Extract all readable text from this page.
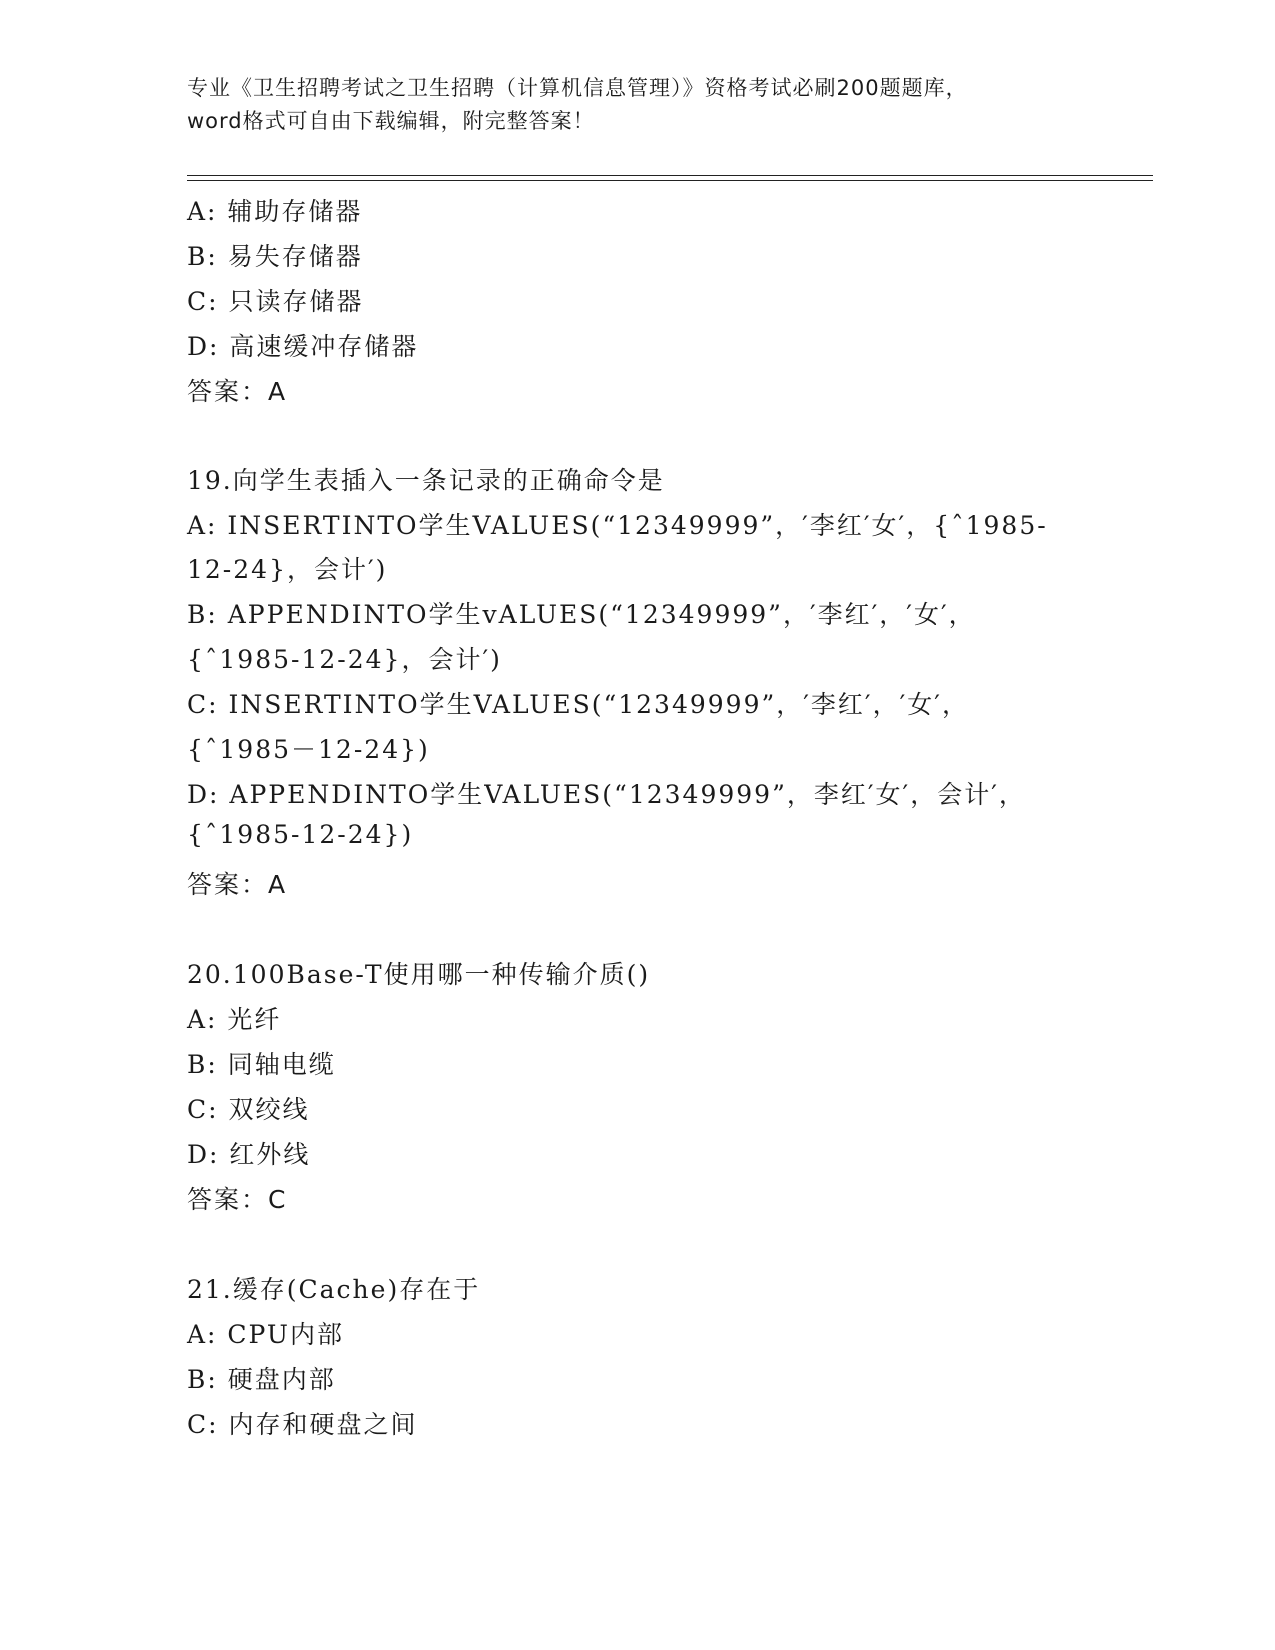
专业《卫生招聘考试之卫生招聘（计算机信息管理）》资格考试必刷200题题库，
word格式可自由下载编辑，附完整答案！
A: 辅助存储器
B: 易失存储器
C: 只读存储器
D: 高速缓冲存储器
答案：A
19.向学生表插入一条记录的正确命令是
A: INSERTINTO学生VALUES(“12349999”，′李红′女′，{ˆ1985-
12-24}，会计′)
B: APPENDINTO学生vALUES(“12349999”，′李红′，′女′，
{ˆ1985-12-24}，会计′)
C: INSERTINTO学生VALUES(“12349999”，′李红′，′女′，
{ˆ1985－12-24})
D: APPENDINTO学生VALUES(“12349999”，李红′女′，会计′，
{ˆ1985-12-24})
答案：A
20.100Base-T使用哪一种传输介质()
A: 光纤
B: 同轴电缆
C: 双绞线
D: 红外线
答案：C
21.缓存(Cache)存在于
A: CPU内部
B: 硬盘内部
C: 内存和硬盘之间
